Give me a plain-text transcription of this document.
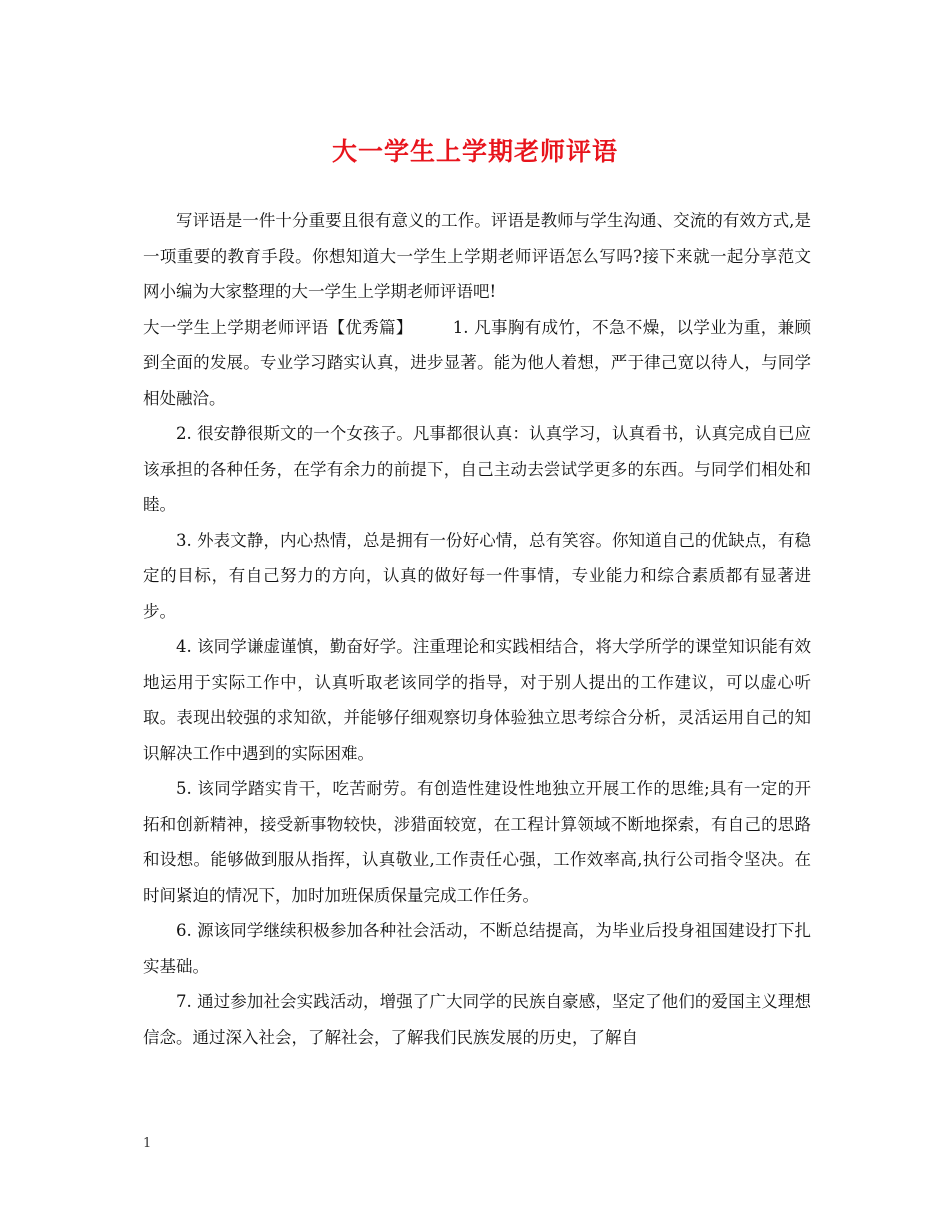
大一学生上学期老师评语

写评语是一件十分重要且很有意义的工作。评语是教师与学生沟通、交流的有效方式,是一项重要的教育手段。你想知道大一学生上学期老师评语怎么写吗?接下来就一起分享范文网小编为大家整理的大一学生上学期老师评语吧!

大一学生上学期老师评语【优秀篇】 1. 凡事胸有成竹，不急不燥，以学业为重，兼顾到全面的发展。专业学习踏实认真，进步显著。能为他人着想，严于律己宽以待人，与同学相处融洽。

2. 很安静很斯文的一个女孩子。凡事都很认真：认真学习，认真看书，认真完成自已应该承担的各种任务，在学有余力的前提下，自己主动去尝试学更多的东西。与同学们相处和睦。

3. 外表文静，内心热情，总是拥有一份好心情，总有笑容。你知道自己的优缺点，有稳定的目标，有自己努力的方向，认真的做好每一件事情，专业能力和综合素质都有显著进步。

4. 该同学谦虚谨慎，勤奋好学。注重理论和实践相结合，将大学所学的课堂知识能有效地运用于实际工作中，认真听取老该同学的指导，对于别人提出的工作建议，可以虚心听取。表现出较强的求知欲，并能够仔细观察切身体验独立思考综合分析，灵活运用自己的知识解决工作中遇到的实际困难。

5. 该同学踏实肯干，吃苦耐劳。有创造性建设性地独立开展工作的思维;具有一定的开拓和创新精神，接受新事物较快，涉猎面较宽，在工程计算领域不断地探索，有自己的思路和设想。能够做到服从指挥，认真敬业,工作责任心强，工作效率高,执行公司指令坚决。在时间紧迫的情况下，加时加班保质保量完成工作任务。

6. 源该同学继续积极参加各种社会活动，不断总结提高，为毕业后投身祖国建设打下扎实基础。

7. 通过参加社会实践活动，增强了广大同学的民族自豪感，坚定了他们的爱国主义理想信念。通过深入社会，了解社会，了解我们民族发展的历史，了解自

1
